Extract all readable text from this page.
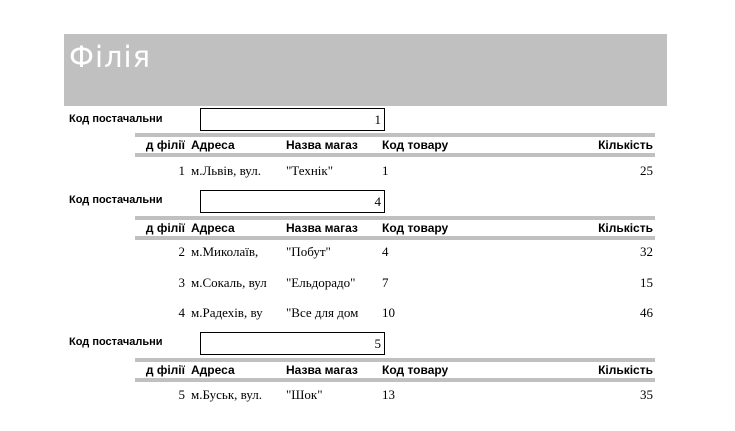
Філія
Код постачальни	1
д філії Адреса	Назва магаз	Код товару	Кількість
1 м.Львів, вул.	"Технік"	1	25
Код постачальни	4
д філії Адреса	Назва магаз	Код товару	Кількість
2 м.Миколаїв,	"Побут"	4	32
3 м.Сокаль, вул	"Ельдорадо"	7	15
4 м.Радехів, ву	"Все для дом	10	46
Код постачальни	5
д філії Адреса	Назва магаз	Код товару	Кількість
5 м.Буськ, вул.	"Шок"	13	35
